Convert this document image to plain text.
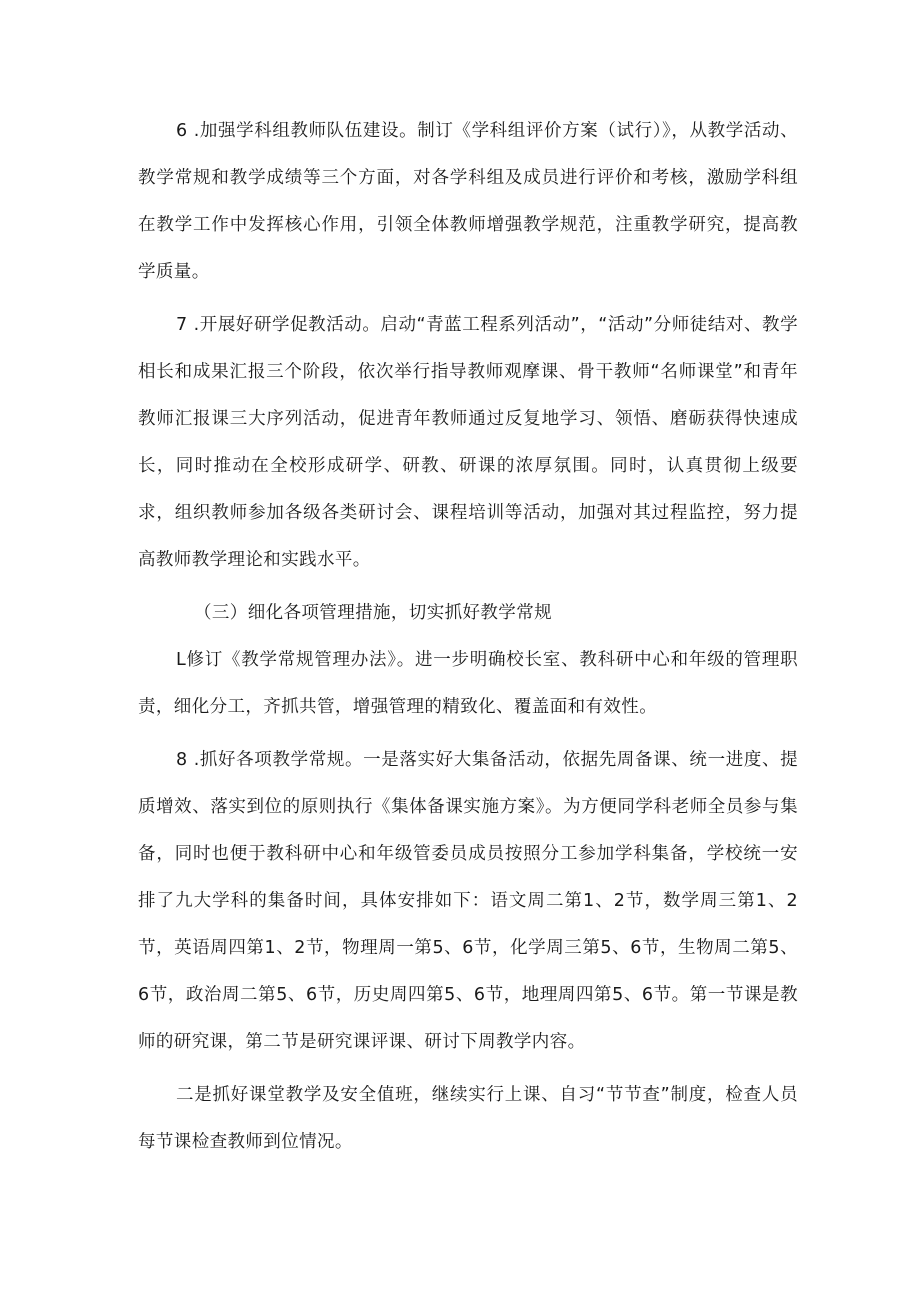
6 .加强学科组教师队伍建设。制订《学科组评价方案（试行）》，从教学活动、教学常规和教学成绩等三个方面，对各学科组及成员进行评价和考核，激励学科组在教学工作中发挥核心作用，引领全体教师增强教学规范，注重教学研究，提高教学质量。

7 .开展好研学促教活动。启动“青蓝工程系列活动”，“活动”分师徒结对、教学相长和成果汇报三个阶段，依次举行指导教师观摩课、骨干教师“名师课堂”和青年教师汇报课三大序列活动，促进青年教师通过反复地学习、领悟、磨砺获得快速成长，同时推动在全校形成研学、研教、研课的浓厚氛围。同时，认真贯彻上级要求，组织教师参加各级各类研讨会、课程培训等活动，加强对其过程监控，努力提高教师教学理论和实践水平。

（三）细化各项管理措施，切实抓好教学常规

L修订《教学常规管理办法》。进一步明确校长室、教科研中心和年级的管理职责，细化分工，齐抓共管，增强管理的精致化、覆盖面和有效性。

8 .抓好各项教学常规。一是落实好大集备活动，依据先周备课、统一进度、提质增效、落实到位的原则执行《集体备课实施方案》。为方便同学科老师全员参与集备，同时也便于教科研中心和年级管委员成员按照分工参加学科集备，学校统一安排了九大学科的集备时间，具体安排如下：语文周二第1、2节，数学周三第1、2节，英语周四第1、2节，物理周一第5、6节，化学周三第5、6节，生物周二第5、6节，政治周二第5、6节，历史周四第5、6节，地理周四第5、6节。第一节课是教师的研究课，第二节是研究课评课、研讨下周教学内容。

二是抓好课堂教学及安全值班，继续实行上课、自习“节节查”制度，检查人员每节课检查教师到位情况。
